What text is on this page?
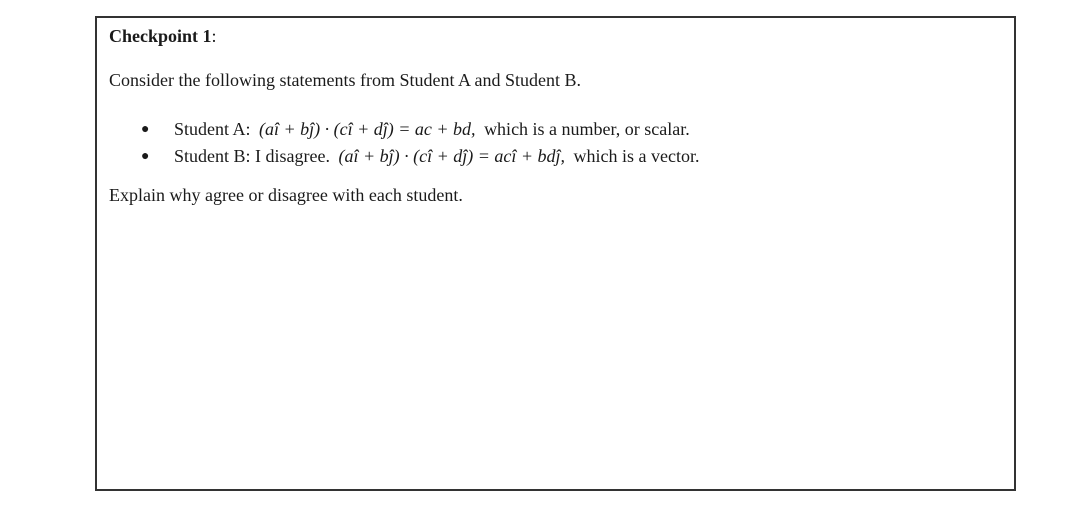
Checkpoint 1:
Consider the following statements from Student A and Student B.
● Student A: (aî + bĵ) · (cî + dĵ) = ac + bd, which is a number, or scalar.
● Student B: I disagree. (aî + bĵ) · (cî + dĵ) = acî + bdĵ, which is a vector.
Explain why agree or disagree with each student.
